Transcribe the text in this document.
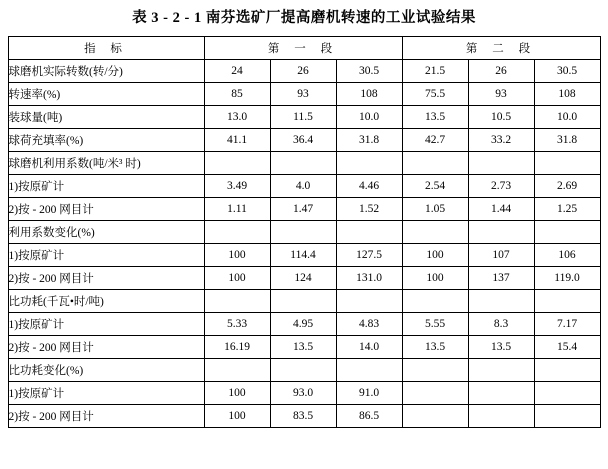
表 3 - 2 - 1 南芬选矿厂提高磨机转速的工业试验结果
指 标	第 一 段			第 二 段		
球磨机实际转数(转/分)	24	26	30.5	21.5	26	30.5
转速率(%)	85	93	108	75.5	93	108
装球量(吨)	13.0	11.5	10.0	13.5	10.5	10.0
球荷充填率(%)	41.1	36.4	31.8	42.7	33.2	31.8
球磨机利用系数(吨/米³ 时)						
1)按原矿计	3.49	4.0	4.46	2.54	2.73	2.69
2)按 - 200 网目计	1.11	1.47	1.52	1.05	1.44	1.25
利用系数变化(%)						
1)按原矿计	100	114.4	127.5	100	107	106
2)按 - 200 网目计	100	124	131.0	100	137	119.0
比功耗(千瓦•时/吨)						
1)按原矿计	5.33	4.95	4.83	5.55	8.3	7.17
2)按 - 200 网目计	16.19	13.5	14.0	13.5	13.5	15.4
比功耗变化(%)						
1)按原矿计	100	93.0	91.0			
2)按 - 200 网目计	100	83.5	86.5			
